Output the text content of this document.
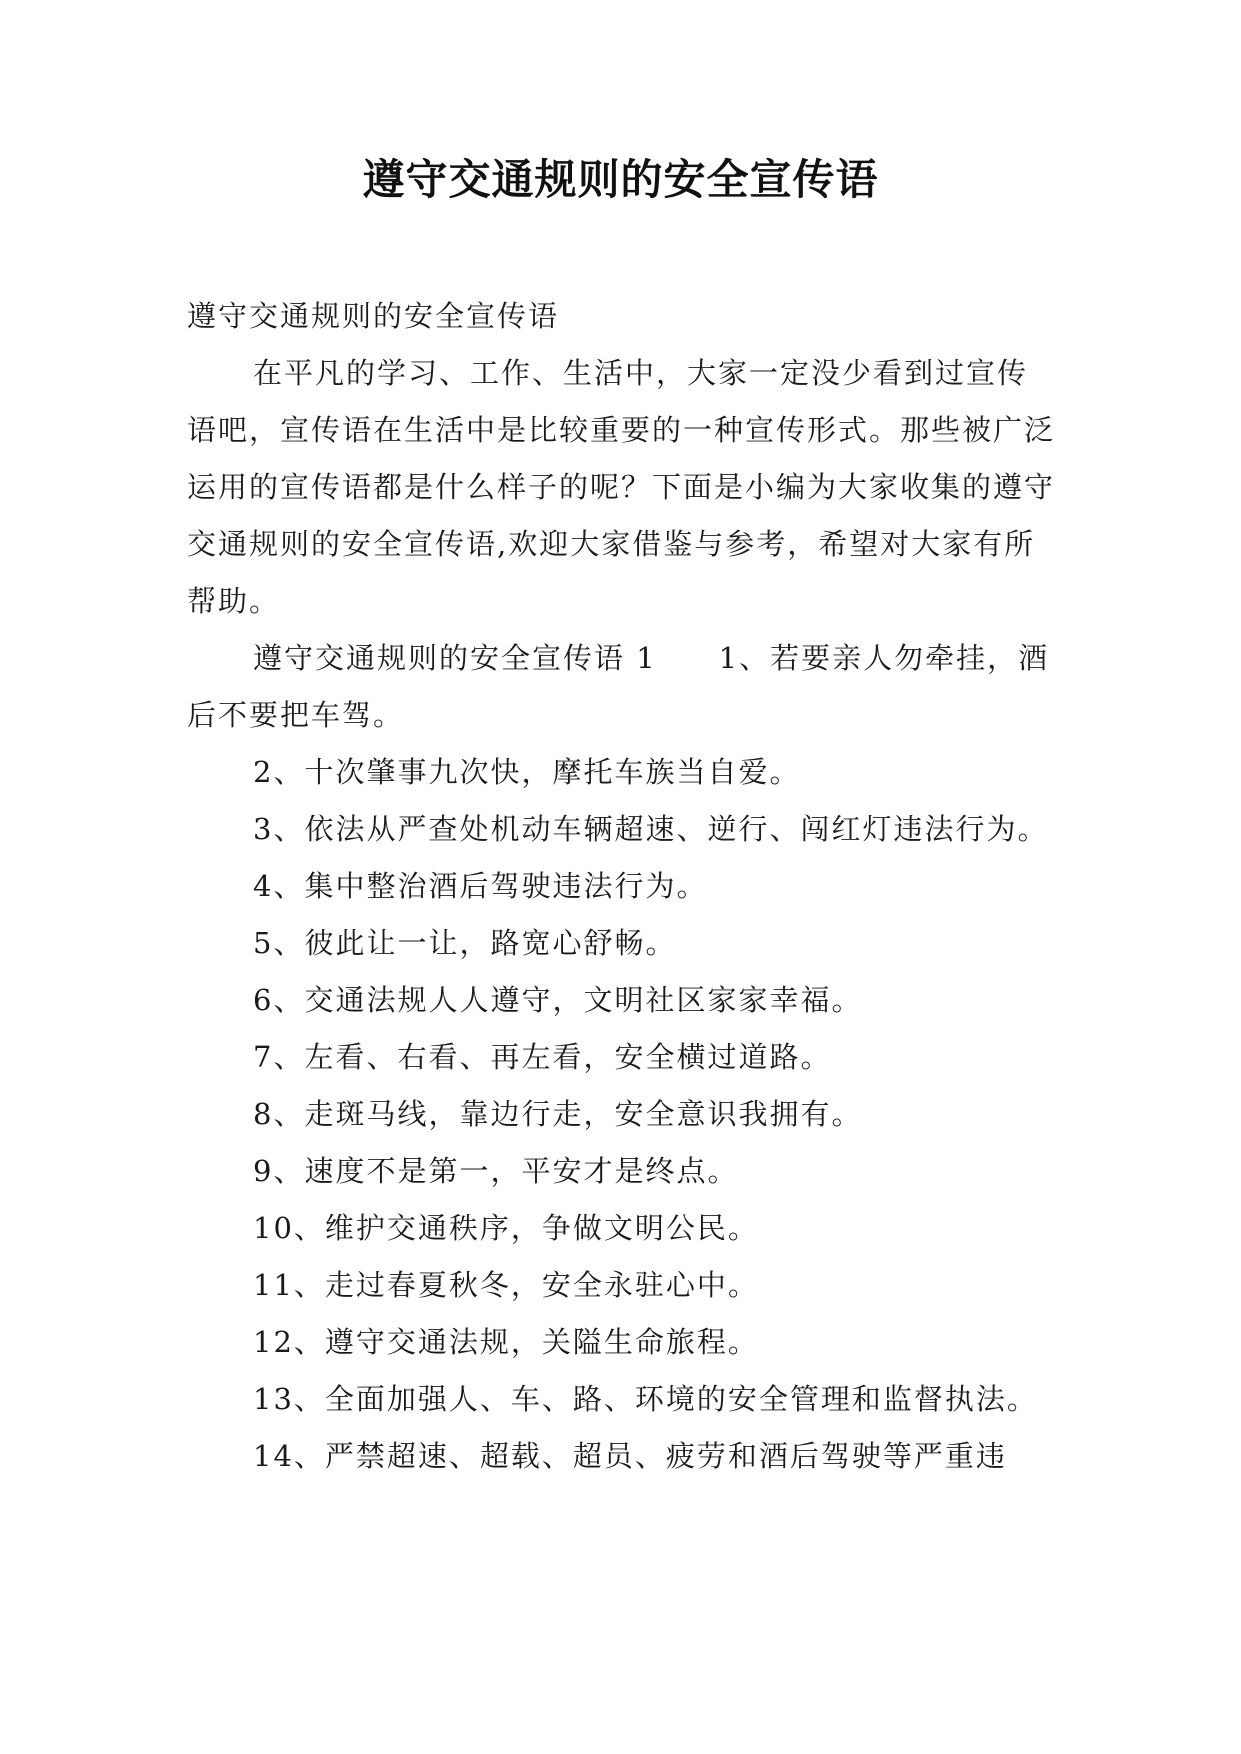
遵守交通规则的安全宣传语

遵守交通规则的安全宣传语

在平凡的学习、工作、生活中，大家一定没少看到过宣传语吧，宣传语在生活中是比较重要的一种宣传形式。那些被广泛运用的宣传语都是什么样子的呢？下面是小编为大家收集的遵守交通规则的安全宣传语,欢迎大家借鉴与参考，希望对大家有所帮助。

遵守交通规则的安全宣传语 1 1、若要亲人勿牵挂，酒后不要把车驾。

2、十次肇事九次快，摩托车族当自爱。

3、依法从严查处机动车辆超速、逆行、闯红灯违法行为。

4、集中整治酒后驾驶违法行为。

5、彼此让一让，路宽心舒畅。

6、交通法规人人遵守，文明社区家家幸福。

7、左看、右看、再左看，安全横过道路。

8、走斑马线，靠边行走，安全意识我拥有。

9、速度不是第一，平安才是终点。

10、维护交通秩序，争做文明公民。

11、走过春夏秋冬，安全永驻心中。

12、遵守交通法规，关隘生命旅程。

13、全面加强人、车、路、环境的安全管理和监督执法。

14、严禁超速、超载、超员、疲劳和酒后驾驶等严重违
